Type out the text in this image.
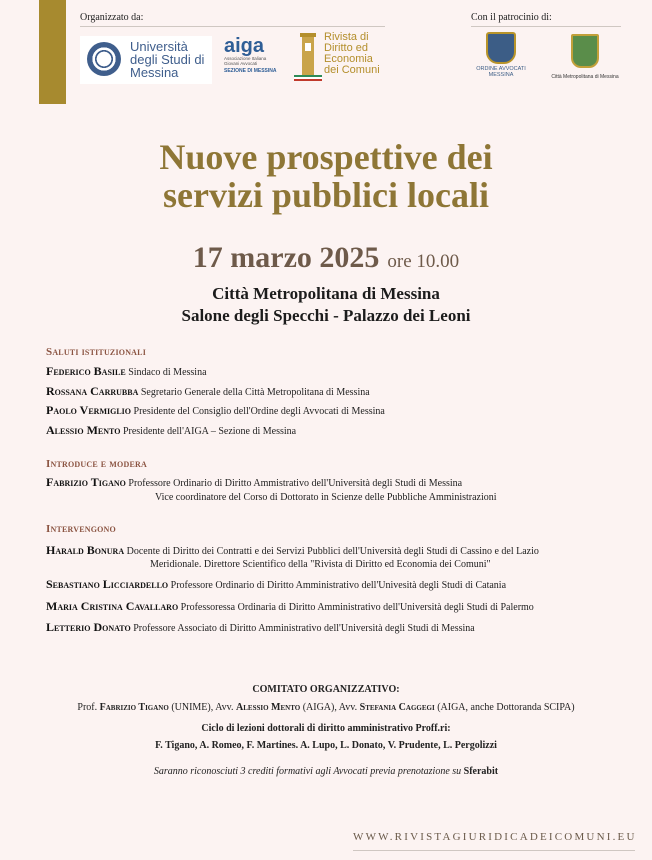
Organizzato da:	Con il patrocinio di:
Università degli Studi di Messina
aiga
Associazione Italiana
Giovani Avvocati
SEZIONE DI MESSINA
Rivista di Diritto ed Economia dei Comuni	ORDINE AVVOCATI MESSINA	Città Metropolitana di Messina
Nuove prospettive dei
servizi pubblici locali
17 marzo 2025 ore 10.00
Città Metropolitana di Messina
Salone degli Specchi - Palazzo dei Leoni
Saluti istituzionali
Federico Basile Sindaco di Messina
Rossana Carrubba Segretario Generale della Città Metropolitana di Messina
Paolo Vermiglio Presidente del Consiglio dell'Ordine degli Avvocati di Messina
Alessio Mento Presidente dell'AIGA – Sezione di Messina
Introduce e modera
Fabrizio Tigano Professore Ordinario di Diritto Ammistrativo dell'Università degli Studi di Messina
Vice coordinatore del Corso di Dottorato in Scienze delle Pubbliche Amministrazioni
Intervengono
Harald Bonura Docente di Diritto dei Contratti e dei Servizi Pubblici dell'Università degli Studi di Cassino e del Lazio
Meridionale. Direttore Scientifico della "Rivista di Diritto ed Economia dei Comuni"
Sebastiano Licciardello Professore Ordinario di Diritto Amministrativo dell'Univesità degli Studi di Catania
Maria Cristina Cavallaro Professoressa Ordinaria di Diritto Amministrativo dell'Università degli Studi di Palermo
Letterio Donato Professore Associato di Diritto Amministrativo dell'Università degli Studi di Messina
COMITATO ORGANIZZATIVO:
Prof. Fabrizio Tigano (UNIME), Avv. Alessio Mento (AIGA), Avv. Stefania Caggegi (AIGA, anche Dottoranda SCIPA)
Ciclo di lezioni dottorali di diritto amministrativo Proff.ri:
F. Tigano, A. Romeo, F. Martines. A. Lupo, L. Donato, V. Prudente, L. Pergolizzi
Saranno riconosciuti 3 crediti formativi agli Avvocati previa prenotazione su Sferabit
WWW.RIVISTAGIURIDICADEICOMUNI.EU
